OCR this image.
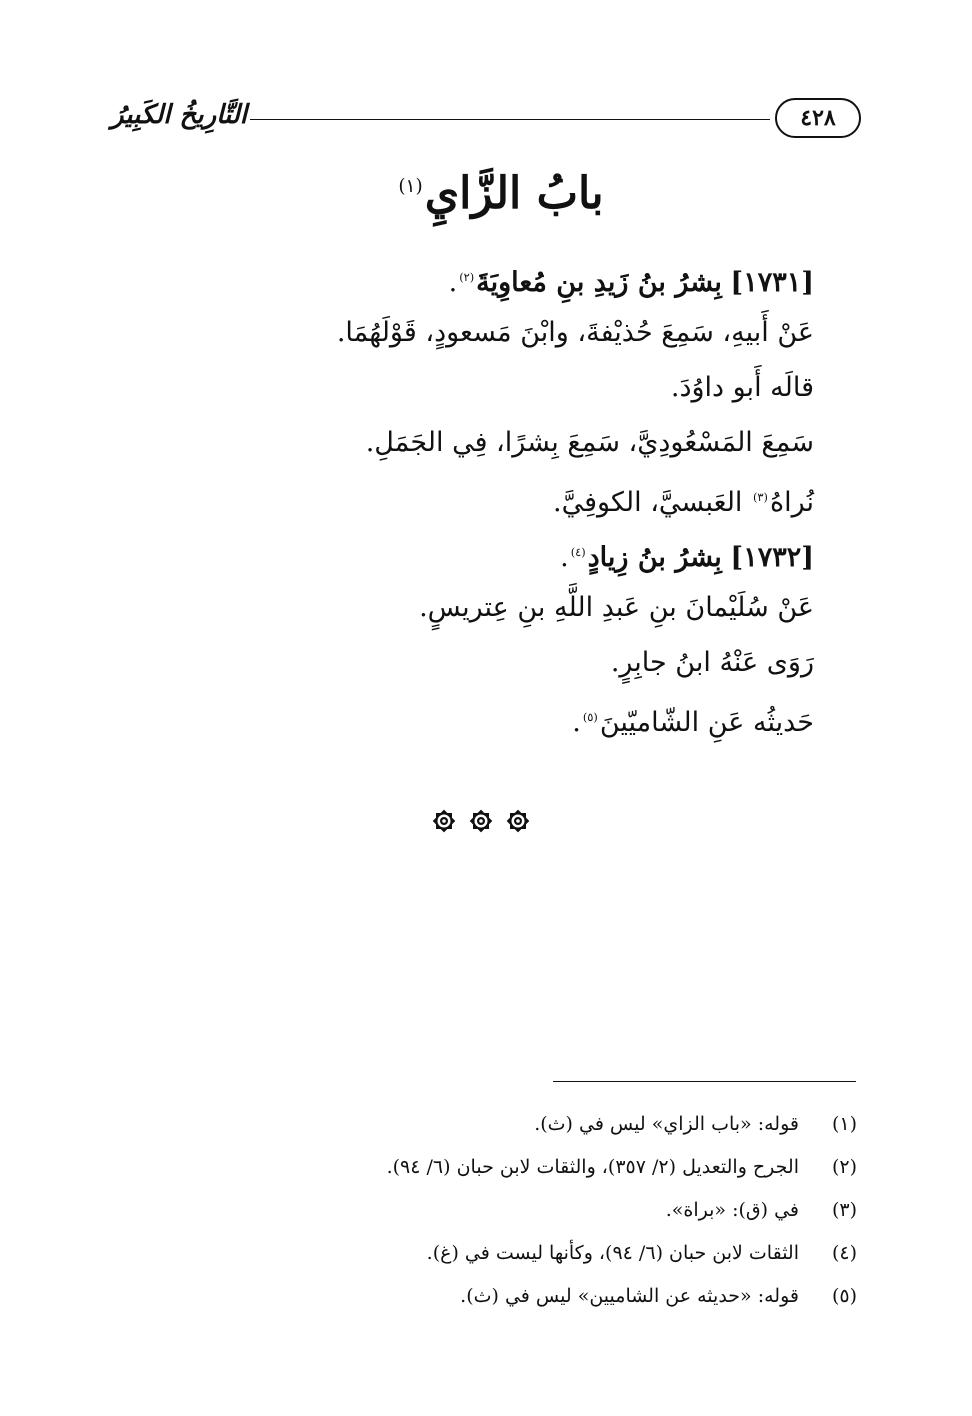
٤٢٨
التَّارِيخُ الكَبِيرُ
بابُ الزَّايِ$^{(١)}$
[١٧٣١] بِشرُ بنُ زَيدِ بنِ مُعاوِيَةَ$^{(٢)}$.
عَنْ أَبيهِ، سَمِعَ حُذيْفةَ، وابْنَ مَسعودٍ، قَوْلَهُمَا.
قالَه أَبو داوُدَ.
سَمِعَ المَسْعُودِيَّ، سَمِعَ بِشرًا، فِي الجَمَلِ.
نُراهُ$^{(٣)}$ العَبسيَّ، الكوفِيَّ.
[١٧٣٢] بِشرُ بنُ زِيادٍ$^{(٤)}$.
عَنْ سُلَيْمانَ بنِ عَبدِ اللَّهِ بنِ عِتريسٍ.
رَوَى عَنْهُ ابنُ جابِرٍ.
حَديثُه عَنِ الشّاميّينَ$^{(٥)}$.
(١)قوله: «باب الزاي» ليس في (ث).
(٢)الجرح والتعديل (٢/ ٣٥٧)، والثقات لابن حبان (٦/ ٩٤).
(٣)في (ق): «براة».
(٤)الثقات لابن حبان (٦/ ٩٤)، وكأنها ليست في (غ).
(٥)قوله: «حديثه عن الشاميين» ليس في (ث).
